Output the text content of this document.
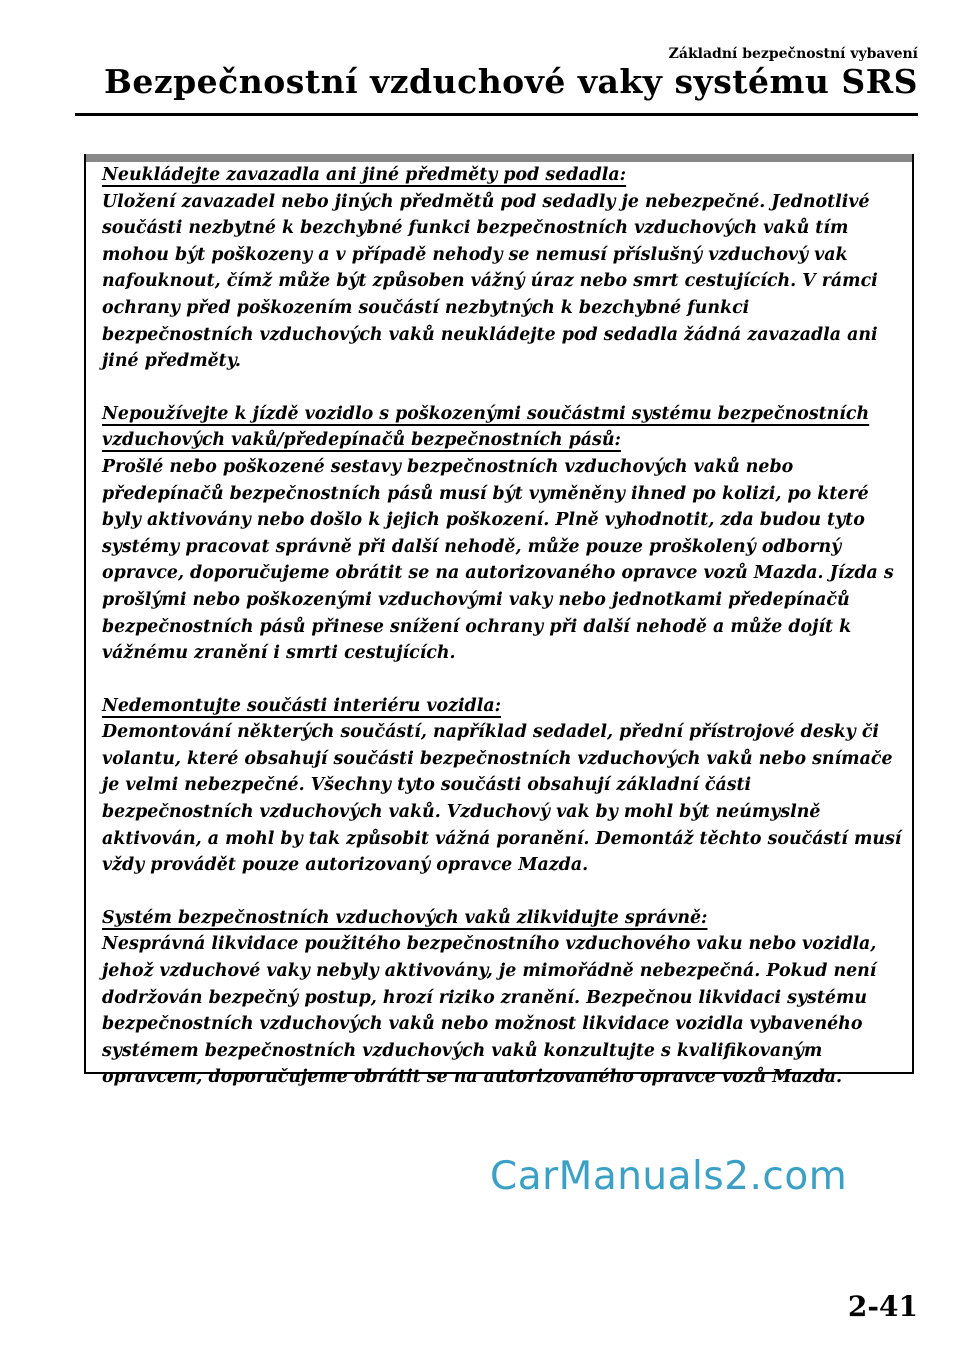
Základní bezpečnostní vybavení
Bezpečnostní vzduchové vaky systému SRS
Neukládejte zavazadla ani jiné předměty pod sedadla:
Uložení zavazadel nebo jiných předmětů pod sedadly je nebezpečné. Jednotlivé součásti nezbytné k bezchybné funkci bezpečnostních vzduchových vaků tím mohou být poškozeny a v případě nehody se nemusí příslušný vzduchový vak nafouknout, čímž může být způsoben vážný úraz nebo smrt cestujících. V rámci ochrany před poškozením součástí nezbytných k bezchybné funkci bezpečnostních vzduchových vaků neukládejte pod sedadla žádná zavazadla ani jiné předměty.
Nepoužívejte k jízdě vozidlo s poškozenými součástmi systému bezpečnostních vzduchových vaků/předepínačů bezpečnostních pásů:
Prošlé nebo poškozené sestavy bezpečnostních vzduchových vaků nebo předepínačů bezpečnostních pásů musí být vyměněny ihned po kolizi, po které byly aktivovány nebo došlo k jejich poškození. Plně vyhodnotit, zda budou tyto systémy pracovat správně při další nehodě, může pouze proškolený odborný opravce, doporučujeme obrátit se na autorizovaného opravce vozů Mazda. Jízda s prošlými nebo poškozenými vzduchovými vaky nebo jednotkami předepínačů bezpečnostních pásů přinese snížení ochrany při další nehodě a může dojít k vážnému zranění i smrti cestujících.
Nedemontujte součásti interiéru vozidla:
Demontování některých součástí, například sedadel, přední přístrojové desky či volantu, které obsahují součásti bezpečnostních vzduchových vaků nebo snímače je velmi nebezpečné. Všechny tyto součásti obsahují základní části bezpečnostních vzduchových vaků. Vzduchový vak by mohl být neúmyslně aktivován, a mohl by tak způsobit vážná poranění. Demontáž těchto součástí musí vždy provádět pouze autorizovaný opravce Mazda.
Systém bezpečnostních vzduchových vaků zlikvidujte správně:
Nesprávná likvidace použitého bezpečnostního vzduchového vaku nebo vozidla, jehož vzduchové vaky nebyly aktivovány, je mimořádně nebezpečná. Pokud není dodržován bezpečný postup, hrozí riziko zranění. Bezpečnou likvidaci systému bezpečnostních vzduchových vaků nebo možnost likvidace vozidla vybaveného systémem bezpečnostních vzduchových vaků konzultujte s kvalifikovaným opravcem, doporučujeme obrátit se na autorizovaného opravce vozů Mazda.
CarManuals2.com
2-41
